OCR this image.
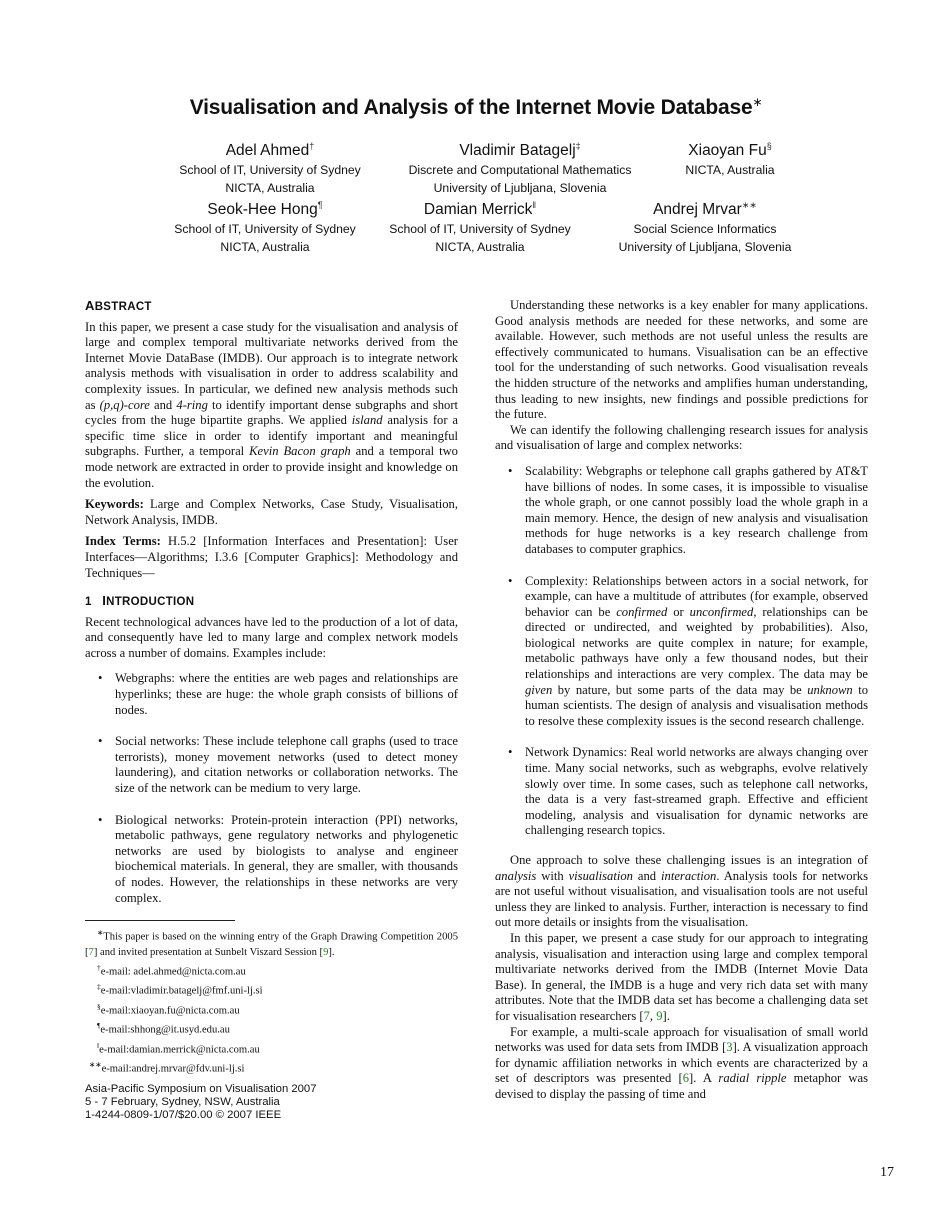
Visualisation and Analysis of the Internet Movie Database∗
Adel Ahmed†
School of IT, University of Sydney
NICTA, Australia
Vladimir Batagelj‡
Discrete and Computational Mathematics
University of Ljubljana, Slovenia
Xiaoyan Fu§
NICTA, Australia
Seok-Hee Hong¶
School of IT, University of Sydney
NICTA, Australia
Damian Merrick‖
School of IT, University of Sydney
NICTA, Australia
Andrej Mrvar∗∗
Social Science Informatics
University of Ljubljana, Slovenia
ABSTRACT

In this paper, we present a case study for the visualisation and analysis of large and complex temporal multivariate networks derived from the Internet Movie DataBase (IMDB). Our approach is to integrate network analysis methods with visualisation in order to address scalability and complexity issues. In particular, we defined new analysis methods such as (p,q)-core and 4-ring to identify important dense subgraphs and short cycles from the huge bipartite graphs. We applied island analysis for a specific time slice in order to identify important and meaningful subgraphs. Further, a temporal Kevin Bacon graph and a temporal two mode network are extracted in order to provide insight and knowledge on the evolution.

Keywords: Large and Complex Networks, Case Study, Visualisation, Network Analysis, IMDB.

Index Terms: H.5.2 [Information Interfaces and Presentation]: User Interfaces—Algorithms; I.3.6 [Computer Graphics]: Methodology and Techniques—

1 INTRODUCTION

Recent technological advances have led to the production of a lot of data, and consequently have led to many large and complex network models across a number of domains. Examples include:

• Webgraphs: where the entities are web pages and relationships are hyperlinks; these are huge: the whole graph consists of billions of nodes.
• Social networks: These include telephone call graphs (used to trace terrorists), money movement networks (used to detect money laundering), and citation networks or collaboration networks. The size of the network can be medium to very large.
• Biological networks: Protein-protein interaction (PPI) networks, metabolic pathways, gene regulatory networks and phylogenetic networks are used by biologists to analyse and engineer biochemical materials. In general, they are smaller, with thousands of nodes. However, the relationships in these networks are very complex.
∗This paper is based on the winning entry of the Graph Drawing Competition 2005 [7] and invited presentation at Sunbelt Viszard Session [9].
†e-mail: adel.ahmed@nicta.com.au
‡e-mail:vladimir.batagelj@fmf.uni-lj.si
§e-mail:xiaoyan.fu@nicta.com.au
¶e-mail:shhong@it.usyd.edu.au
‖e-mail:damian.merrick@nicta.com.au
∗∗e-mail:andrej.mrvar@fdv.uni-lj.si
Asia-Pacific Symposium on Visualisation 2007
5 - 7 February, Sydney, NSW, Australia
1-4244-0809-1/07/$20.00 © 2007 IEEE

Understanding these networks is a key enabler for many applications. Good analysis methods are needed for these networks, and some are available. However, such methods are not useful unless the results are effectively communicated to humans. Visualisation can be an effective tool for the understanding of such networks. Good visualisation reveals the hidden structure of the networks and amplifies human understanding, thus leading to new insights, new findings and possible predictions for the future.

We can identify the following challenging research issues for analysis and visualisation of large and complex networks:

• Scalability: Webgraphs or telephone call graphs gathered by AT&T have billions of nodes. In some cases, it is impossible to visualise the whole graph, or one cannot possibly load the whole graph in a main memory. Hence, the design of new analysis and visualisation methods for huge networks is a key research challenge from databases to computer graphics.
• Complexity: Relationships between actors in a social network, for example, can have a multitude of attributes (for example, observed behavior can be confirmed or unconfirmed, relationships can be directed or undirected, and weighted by probabilities). Also, biological networks are quite complex in nature; for example, metabolic pathways have only a few thousand nodes, but their relationships and interactions are very complex. The data may be given by nature, but some parts of the data may be unknown to human scientists. The design of analysis and visualisation methods to resolve these complexity issues is the second research challenge.
• Network Dynamics: Real world networks are always changing over time. Many social networks, such as webgraphs, evolve relatively slowly over time. In some cases, such as telephone call networks, the data is a very fast-streamed graph. Effective and efficient modeling, analysis and visualisation for dynamic networks are challenging research topics.

One approach to solve these challenging issues is an integration of analysis with visualisation and interaction. Analysis tools for networks are not useful without visualisation, and visualisation tools are not useful unless they are linked to analysis. Further, interaction is necessary to find out more details or insights from the visualisation.

In this paper, we present a case study for our approach to integrating analysis, visualisation and interaction using large and complex temporal multivariate networks derived from the IMDB (Internet Movie Data Base). In general, the IMDB is a huge and very rich data set with many attributes. Note that the IMDB data set has become a challenging data set for visualisation researchers [7, 9].

For example, a multi-scale approach for visualisation of small world networks was used for data sets from IMDB [3]. A visualization approach for dynamic affiliation networks in which events are characterized by a set of descriptors was presented [6]. A radial ripple metaphor was devised to display the passing of time and

17
